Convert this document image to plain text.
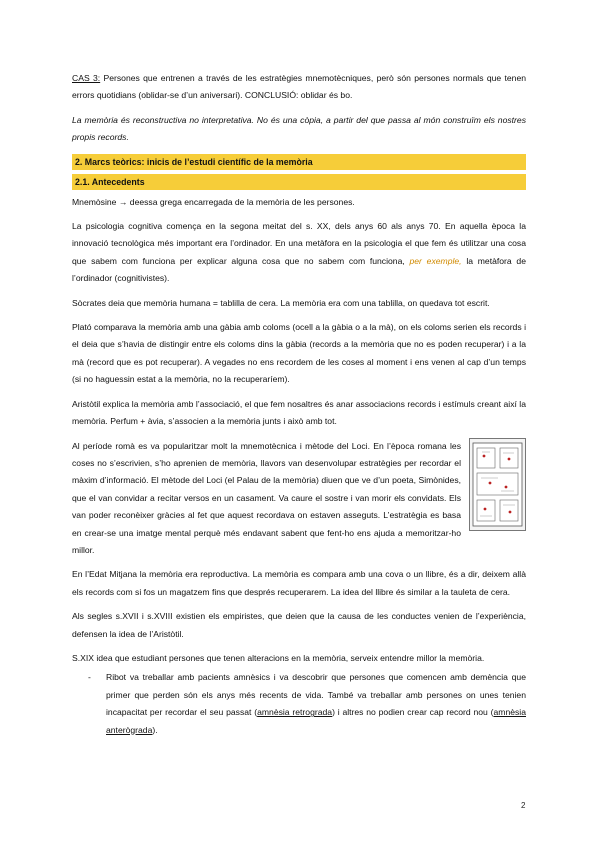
CAS 3: Persones que entrenen a través de les estratègies mnemotècniques, però són persones normals que tenen errors quotidians (oblidar-se d’un aniversari). CONCLUSIÓ: oblidar és bo.

La memòria és reconstructiva no interpretativa. No és una còpia, a partir del que passa al món construïm els nostres propis records.

2. Marcs teòrics: inicis de l’estudi científic de la memòria
2.1. Antecedents

Mnemòsine → deessa grega encarregada de la memòria de les persones.

La psicologia cognitiva comença en la segona meitat del s. XX, dels anys 60 als anys 70. En aquella època la innovació tecnològica més important era l’ordinador. En una metàfora en la psicologia el que fem és utilitzar una cosa que sabem com funciona per explicar alguna cosa que no sabem com funciona, per exemple, la metàfora de l’ordinador (cognitivistes).

Sòcrates deia que memòria humana = tablilla de cera. La memòria era com una tablilla, on quedava tot escrit.

Plató comparava la memòria amb una gàbia amb coloms (ocell a la gàbia o a la mà), on els coloms serien els records i el deia que s’havia de distingir entre els coloms dins la gàbia (records a la memòria que no es poden recuperar) i a la mà (record que es pot recuperar). A vegades no ens recordem de les coses al moment i ens venen al cap d’un temps (si no haguessin estat a la memòria, no la recuperaríem).

Aristòtil explica la memòria amb l’associació, el que fem nosaltres és anar associacions records i estímuls creant així la memòria. Perfum + àvia, s’associen a la memòria junts i això amb tot.

Al període romà es va popularitzar molt la mnemotècnica i mètode del Loci. En l’època romana les coses no s’escrivien, s’ho aprenien de memòria, llavors van desenvolupar estratègies per recordar el màxim d’informació. El mètode del Loci (el Palau de la memòria) diuen que ve d’un poeta, Simònides, que el van convidar a recitar versos en un casament. Va caure el sostre i van morir els convidats. Els van poder reconèixer gràcies al fet que aquest recordava on estaven asseguts. L’estratègia es basa en crear-se una imatge mental perquè més endavant sabent que fent-ho ens ajuda a memoritzar-ho millor.

En l’Edat Mitjana la memòria era reproductiva. La memòria es compara amb una cova o un llibre, és a dir, deixem allà els records com si fos un magatzem fins que després recuperarem. La idea del llibre és similar a la tauleta de cera.

Als segles s.XVII i s.XVIII existien els empiristes, que deien que la causa de les conductes venien de l’experiència, defensen la idea de l’Aristòtil.

S.XIX idea que estudiant persones que tenen alteracions en la memòria, serveix entendre millor la memòria.

- Ribot va treballar amb pacients amnèsics i va descobrir que persones que comencen amb demència que primer que perden són els anys més recents de vida. També va treballar amb persones on unes tenien incapacitat per recordar el seu passat (amnèsia retrograda) i altres no podien crear cap record nou (amnèsia anterògrada).
2
